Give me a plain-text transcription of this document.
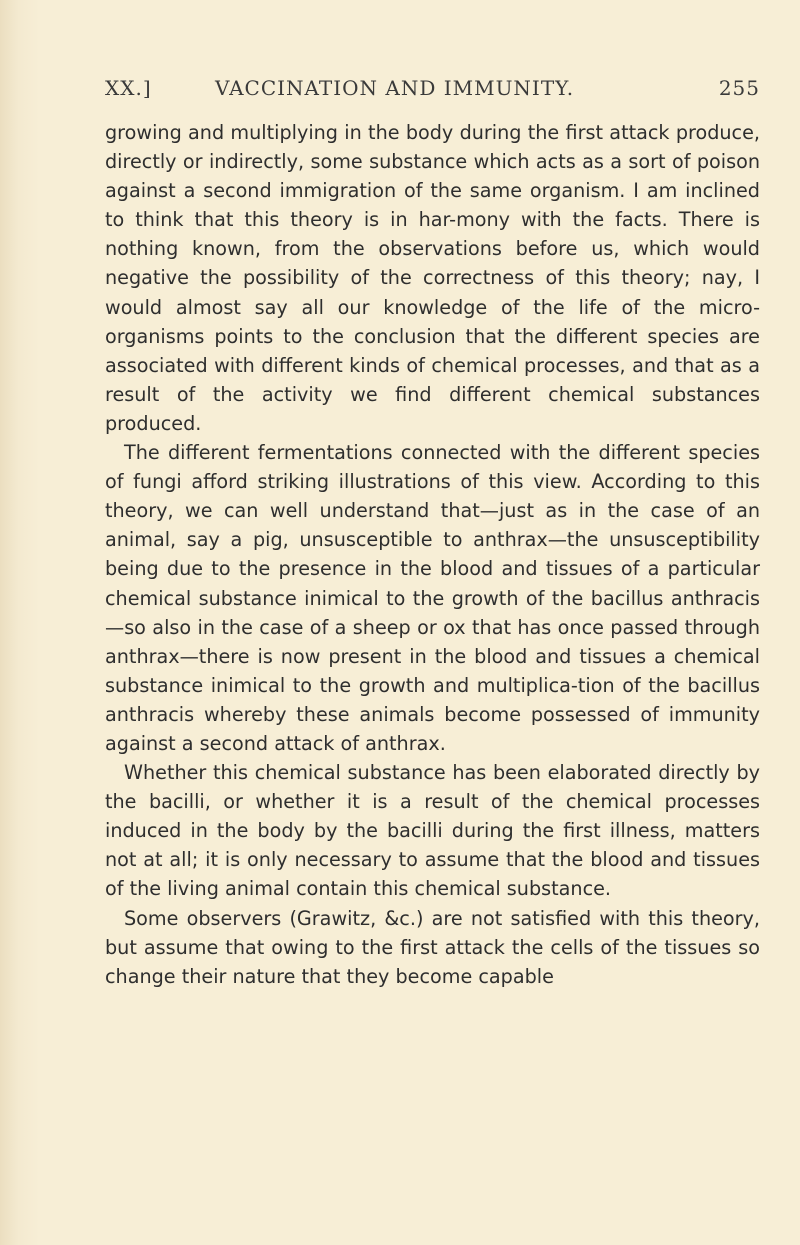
XX.]	VACCINATION AND IMMUNITY.	255

growing and multiplying in the body during the first attack produce, directly or indirectly, some substance which acts as a sort of poison against a second immigration of the same organism. I am inclined to think that this theory is in har-mony with the facts. There is nothing known, from the observations before us, which would negative the possibility of the correctness of this theory; nay, I would almost say all our knowledge of the life of the micro-organisms points to the conclusion that the different species are associated with different kinds of chemical processes, and that as a result of the activity we find different chemical substances produced.

The different fermentations connected with the different species of fungi afford striking illustrations of this view. According to this theory, we can well understand that—just as in the case of an animal, say a pig, unsusceptible to anthrax—the unsusceptibility being due to the presence in the blood and tissues of a particular chemical substance inimical to the growth of the bacillus anthracis—so also in the case of a sheep or ox that has once passed through anthrax—there is now present in the blood and tissues a chemical substance inimical to the growth and multiplica-tion of the bacillus anthracis whereby these animals become possessed of immunity against a second attack of anthrax.

Whether this chemical substance has been elaborated directly by the bacilli, or whether it is a result of the chemical processes induced in the body by the bacilli during the first illness, matters not at all; it is only necessary to assume that the blood and tissues of the living animal contain this chemical substance.

Some observers (Grawitz, &c.) are not satisfied with this theory, but assume that owing to the first attack the cells of the tissues so change their nature that they become capable
